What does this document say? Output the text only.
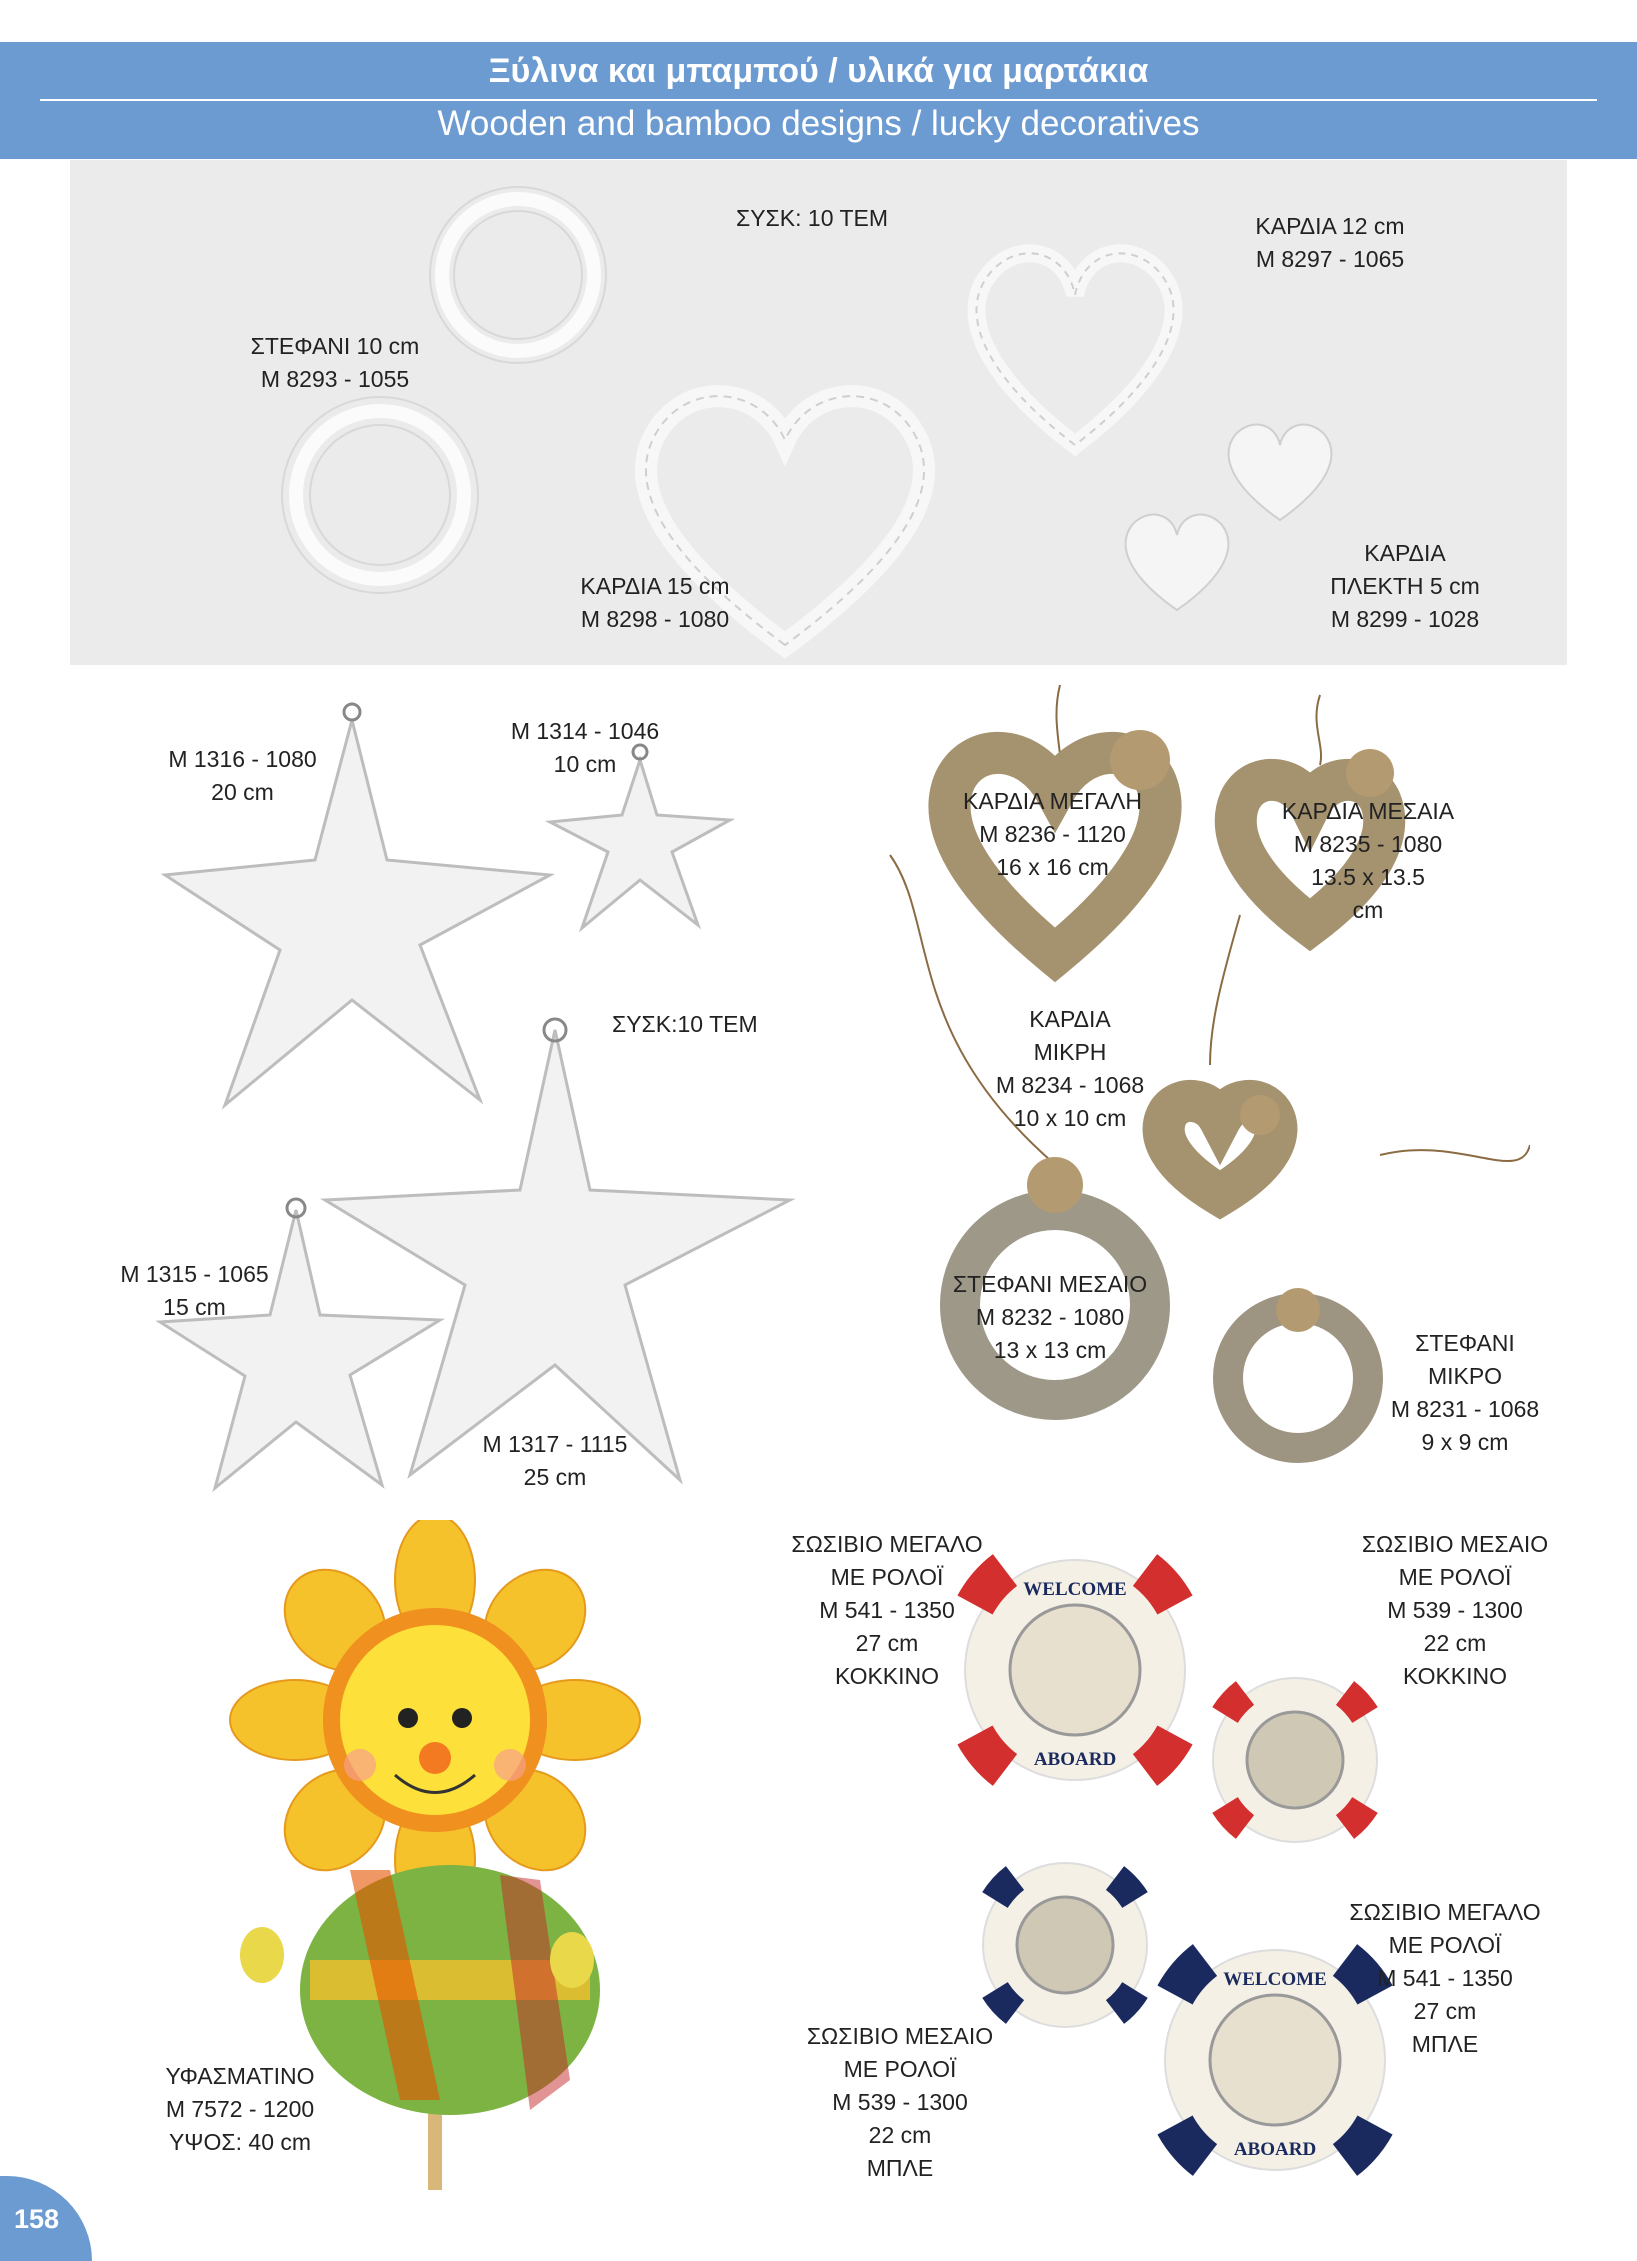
Ξύλινα και μπαμπού / υλικά για μαρτάκια
Wooden and bamboo designs / lucky decoratives
ΣΥΣΚ: 10 ΤΕΜ
ΣΤΕΦΑΝΙ 10 cm
Μ 8293 - 1055
ΚΑΡΔΙΑ 15 cm
Μ 8298 - 1080
ΚΑΡΔΙΑ 12 cm
Μ 8297 - 1065
ΚΑΡΔΙΑ
ΠΛΕΚΤΗ 5 cm
Μ 8299 - 1028
Μ 1316 - 1080
20 cm
Μ 1314 - 1046
10 cm
ΣΥΣΚ:10 ΤΕΜ
Μ 1315 - 1065
15 cm
Μ 1317 - 1115
25 cm
ΚΑΡΔΙΑ ΜΕΓΑΛΗ
Μ 8236 - 1120
16 x 16 cm
ΚΑΡΔΙΑ ΜΕΣΑΙΑ
Μ 8235 - 1080
13.5 x 13.5
cm
ΚΑΡΔΙΑ
ΜΙΚΡΗ
Μ 8234 - 1068
10 x 10 cm
ΣΤΕΦΑΝΙ ΜΕΣΑΙΟ
Μ 8232 - 1080
13 x 13 cm	ΣΤΕΦΑΝΙ
ΜΙΚΡΟ
Μ 8231 - 1068
9 x 9 cm
ΥΦΑΣΜΑΤΙΝΟ
Μ 7572 - 1200
ΥΨΟΣ: 40 cm
WELCOME
ABOARD
WELCOME
ABOARD
ΣΩΣΙΒΙΟ ΜΕΓΑΛΟ
ΜΕ ΡΟΛΟΪ
Μ 541 - 1350
27 cm
ΚΟΚΚΙΝΟ
ΣΩΣΙΒΙΟ ΜΕΣΑΙΟ
ΜΕ ΡΟΛΟΪ
Μ 539 - 1300
22 cm
ΚΟΚΚΙΝΟ
ΣΩΣΙΒΙΟ ΜΕΓΑΛΟ
ΜΕ ΡΟΛΟΪ
Μ 541 - 1350
27 cm
ΜΠΛΕ
ΣΩΣΙΒΙΟ ΜΕΣΑΙΟ
ΜΕ ΡΟΛΟΪ
Μ 539 - 1300
22 cm
ΜΠΛΕ
158
